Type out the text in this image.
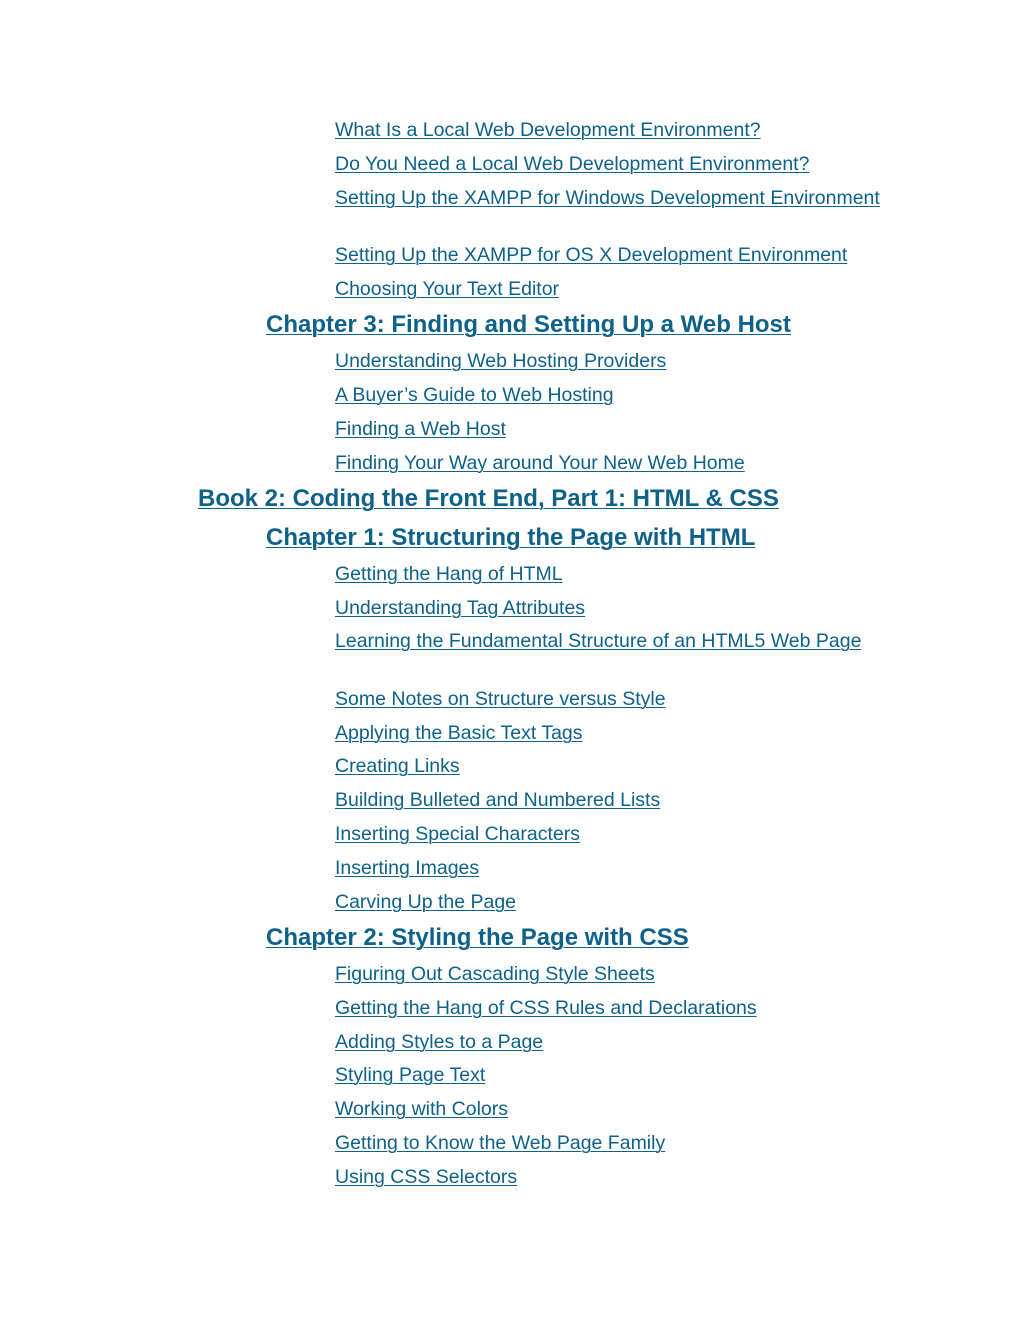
What Is a Local Web Development Environment?
Do You Need a Local Web Development Environment?
Setting Up the XAMPP for Windows Development Environment
Setting Up the XAMPP for OS X Development Environment
Choosing Your Text Editor
Chapter 3: Finding and Setting Up a Web Host
Understanding Web Hosting Providers
A Buyer’s Guide to Web Hosting
Finding a Web Host
Finding Your Way around Your New Web Home
Book 2: Coding the Front End, Part 1: HTML & CSS
Chapter 1: Structuring the Page with HTML
Getting the Hang of HTML
Understanding Tag Attributes
Learning the Fundamental Structure of an HTML5 Web Page
Some Notes on Structure versus Style
Applying the Basic Text Tags
Creating Links
Building Bulleted and Numbered Lists
Inserting Special Characters
Inserting Images
Carving Up the Page
Chapter 2: Styling the Page with CSS
Figuring Out Cascading Style Sheets
Getting the Hang of CSS Rules and Declarations
Adding Styles to a Page
Styling Page Text
Working with Colors
Getting to Know the Web Page Family
Using CSS Selectors
